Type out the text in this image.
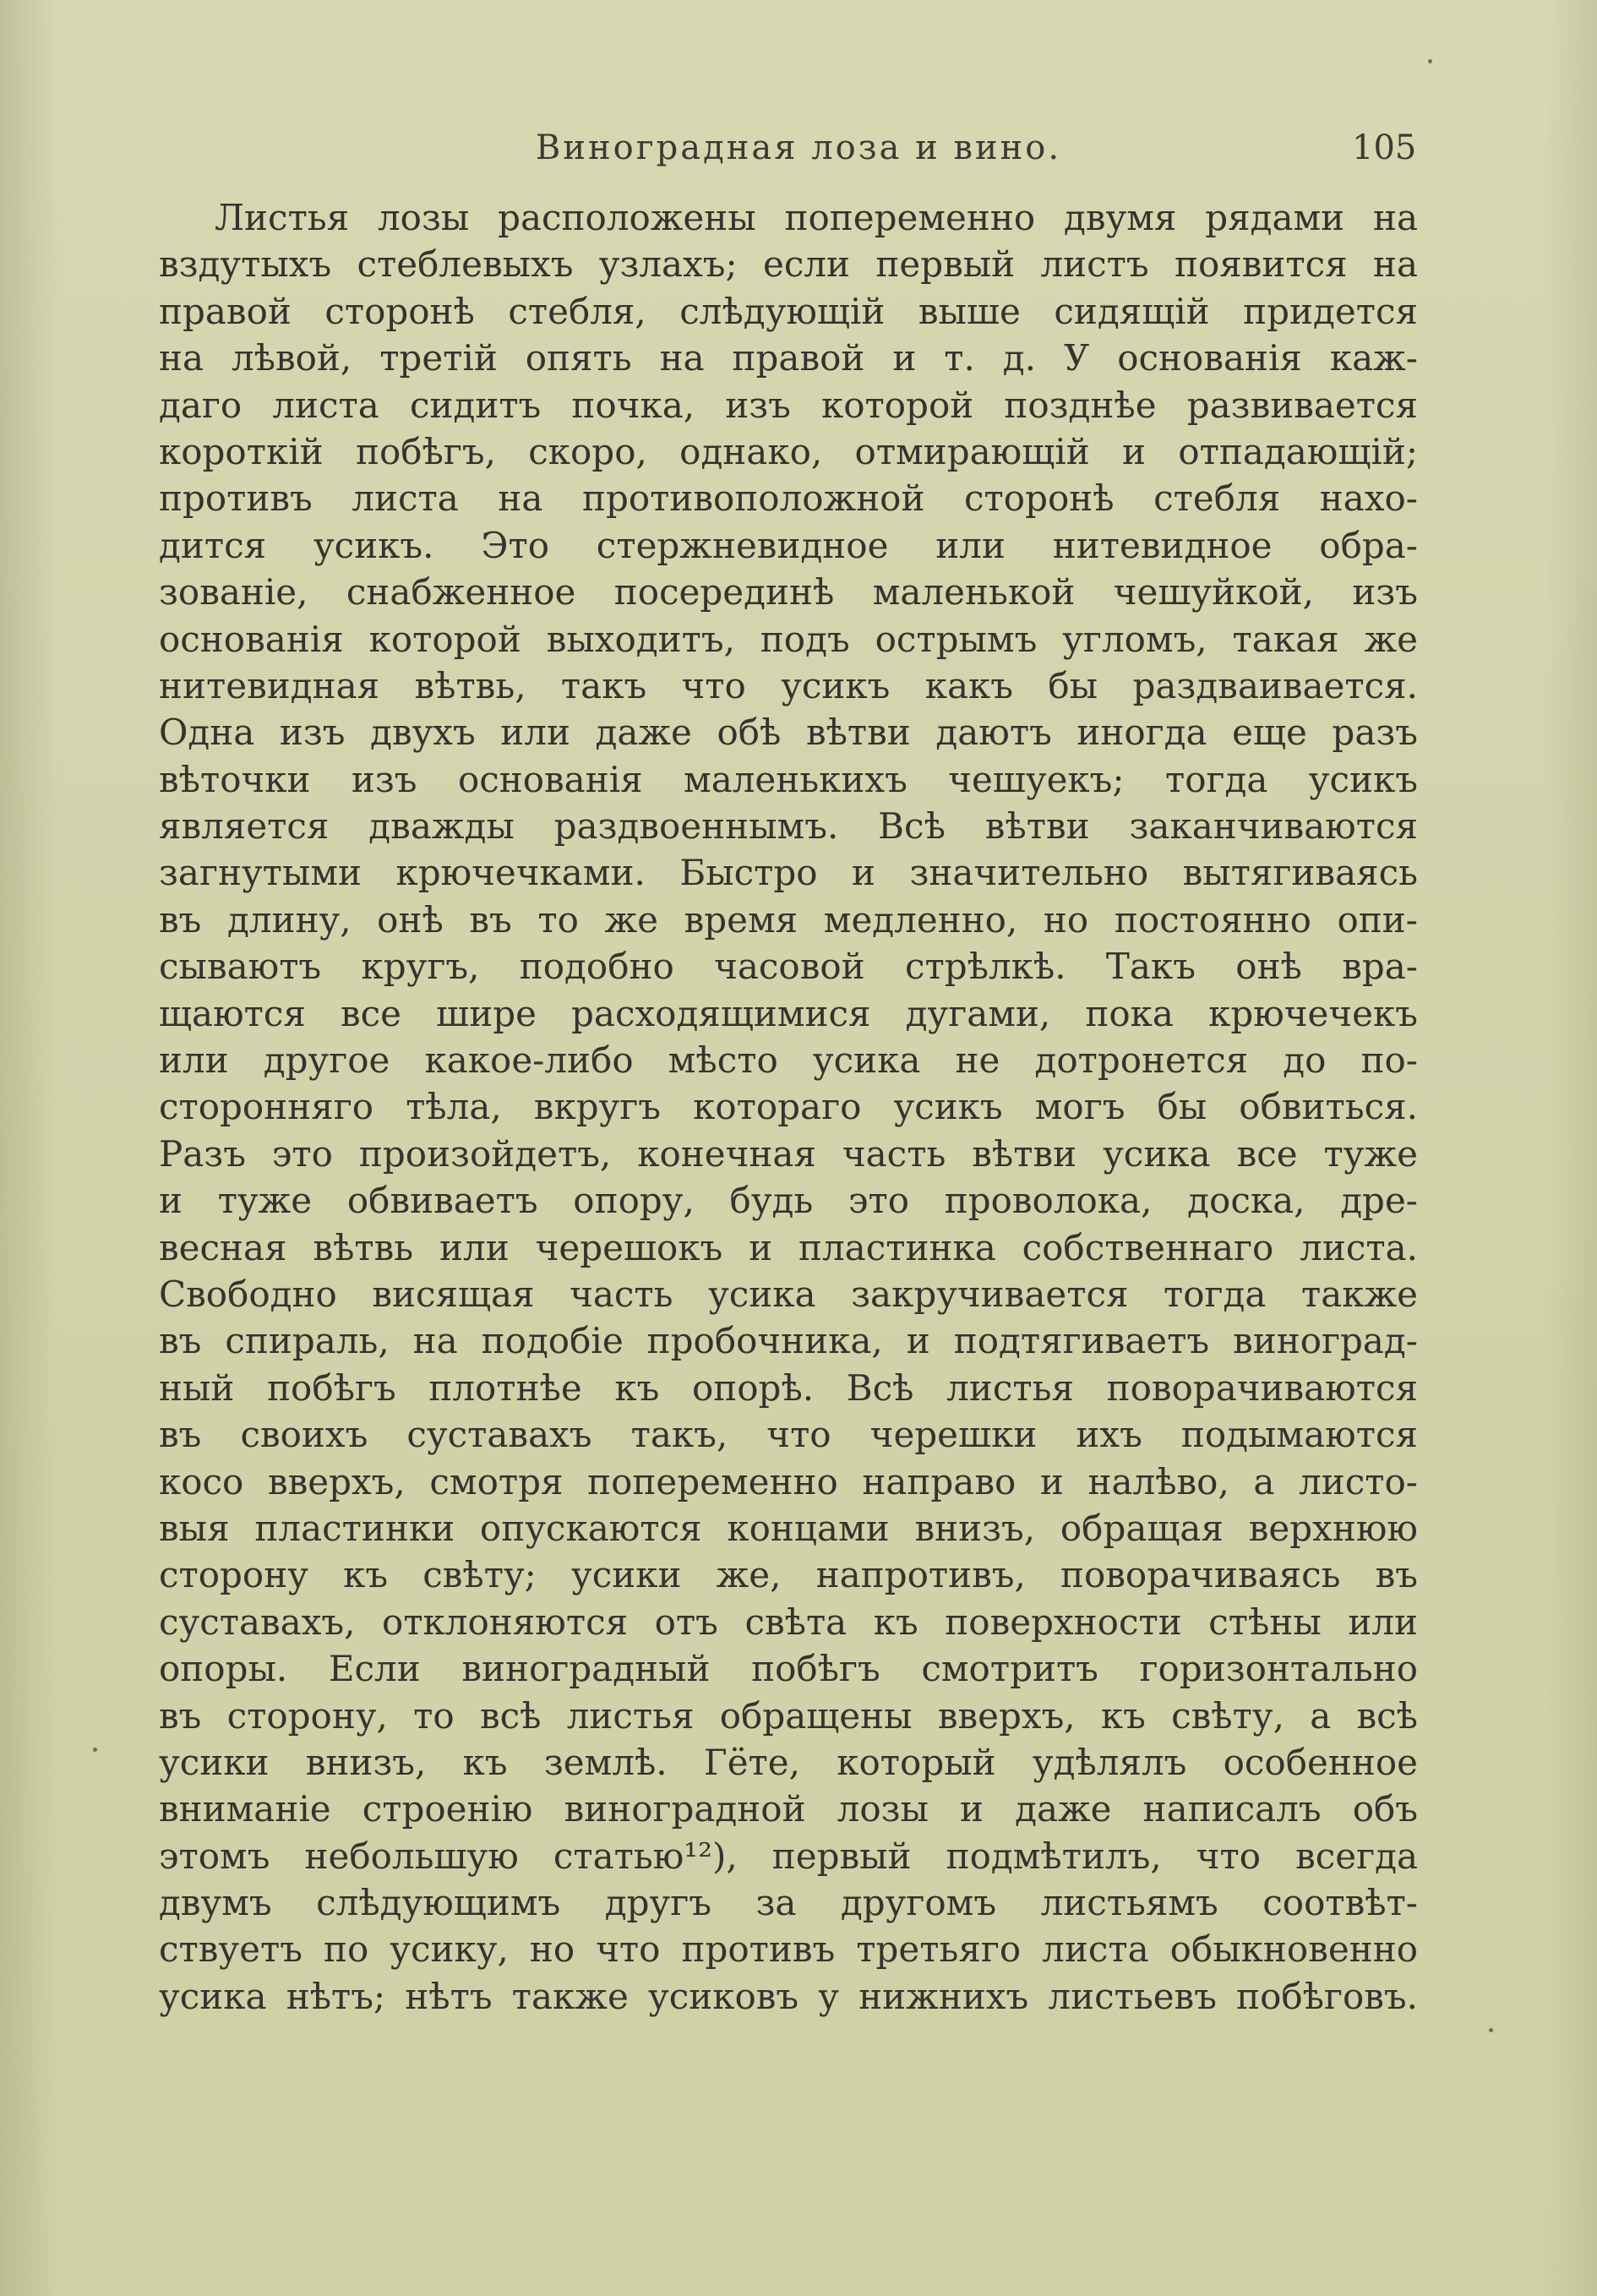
Виноградная лоза и вино.	105
Листья лозы расположены попеременно двумя рядами на
вздутыхъ стеблевыхъ узлахъ; если первый листъ появится на
правой сторонѣ стебля, слѣдующій выше сидящій придется
на лѣвой, третій опять на правой и т. д. У основанія каж-
даго листа сидитъ почка, изъ которой позднѣе развивается
короткій побѣгъ, скоро, однако, отмирающій и отпадающій;
противъ листа на противоположной сторонѣ стебля нахо-
дится усикъ. Это стержневидное или нитевидное обра-
зованіе, снабженное посерединѣ маленькой чешуйкой, изъ
основанія которой выходитъ, подъ острымъ угломъ, такая же
нитевидная вѣтвь, такъ что усикъ какъ бы раздваивается.
Одна изъ двухъ или даже обѣ вѣтви даютъ иногда еще разъ
вѣточки изъ основанія маленькихъ чешуекъ; тогда усикъ
является дважды раздвоеннымъ. Всѣ вѣтви заканчиваются
загнутыми крючечками. Быстро и значительно вытягиваясь
въ длину, онѣ въ то же время медленно, но постоянно опи-
сываютъ кругъ, подобно часовой стрѣлкѣ. Такъ онѣ вра-
щаются все шире расходящимися дугами, пока крючечекъ
или другое какое-либо мѣсто усика не дотронется до по-
сторонняго тѣла, вкругъ котораго усикъ могъ бы обвиться.
Разъ это произойдетъ, конечная часть вѣтви усика все туже
и туже обвиваетъ опору, будь это проволока, доска, дре-
весная вѣтвь или черешокъ и пластинка собственнаго листа.
Свободно висящая часть усика закручивается тогда также
въ спираль, на подобіе пробочника, и подтягиваетъ виноград-
ный побѣгъ плотнѣе къ опорѣ. Всѣ листья поворачиваются
въ своихъ суставахъ такъ, что черешки ихъ подымаются
косо вверхъ, смотря попеременно направо и налѣво, а листо-
выя пластинки опускаются концами внизъ, обращая верхнюю
сторону къ свѣту; усики же, напротивъ, поворачиваясь въ
суставахъ, отклоняются отъ свѣта къ поверхности стѣны или
опоры. Если виноградный побѣгъ смотритъ горизонтально
въ сторону, то всѣ листья обращены вверхъ, къ свѣту, а всѣ
усики внизъ, къ землѣ. Гёте, который удѣлялъ особенное
вниманіе строенію виноградной лозы и даже написалъ объ
этомъ небольшую статью¹²), первый подмѣтилъ, что всегда
двумъ слѣдующимъ другъ за другомъ листьямъ соотвѣт-
ствуетъ по усику, но что противъ третьяго листа обыкновенно
усика нѣтъ; нѣтъ также усиковъ у нижнихъ листьевъ побѣговъ.
